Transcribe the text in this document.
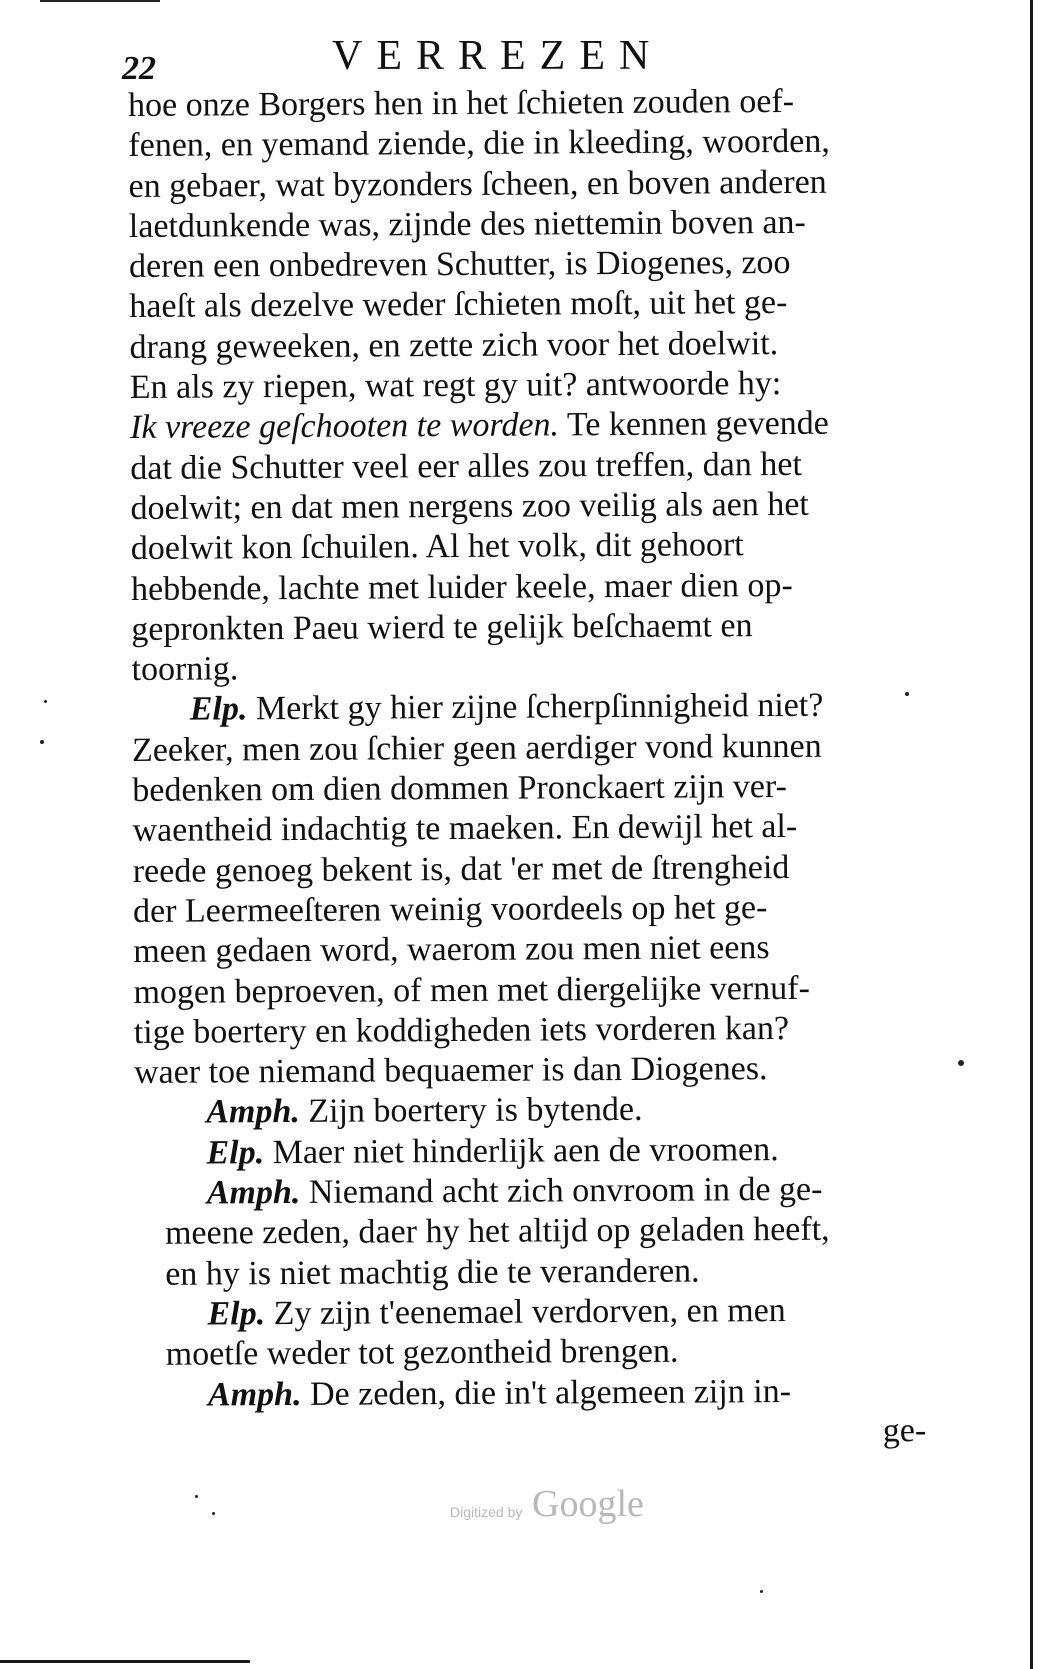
22	VERREZEN
hoe onze Borgers hen in het ſchieten zouden oef-
fenen, en yemand ziende, die in kleeding, woorden,
en gebaer, wat byzonders ſcheen, en boven anderen
laetdunkende was, zijnde des niettemin boven an-
deren een onbedreven Schutter, is Diogenes, zoo
haeſt als dezelve weder ſchieten moſt, uit het ge-
drang geweeken, en zette zich voor het doelwit.
En als zy riepen, wat regt gy uit? antwoorde hy:
Ik vreeze geſchooten te worden. Te kennen gevende
dat die Schutter veel eer alles zou treffen, dan het
doelwit; en dat men nergens zoo veilig als aen het
doelwit kon ſchuilen. Al het volk, dit gehoort
hebbende, lachte met luider keele, maer dien op-
gepronkten Paeu wierd te gelijk beſchaemt en
toornig.
Elp. Merkt gy hier zijne ſcherpſinnigheid niet?
Zeeker, men zou ſchier geen aerdiger vond kunnen
bedenken om dien dommen Pronckaert zijn ver-
waentheid indachtig te maeken. En dewijl het al-
reede genoeg bekent is, dat 'er met de ſtrengheid
der Leermeeſteren weinig voordeels op het ge-
meen gedaen word, waerom zou men niet eens
mogen beproeven, of men met diergelijke vernuf-
tige boertery en koddigheden iets vorderen kan?
waer toe niemand bequaemer is dan Diogenes.
Amph. Zijn boertery is bytende.
Elp. Maer niet hinderlijk aen de vroomen.
Amph. Niemand acht zich onvroom in de ge-
meene zeden, daer hy het altijd op geladen heeft,
en hy is niet machtig die te veranderen.
Elp. Zy zijn t'eenemael verdorven, en men
moetſe weder tot gezontheid brengen.
Amph. De zeden, die in't algemeen zijn in-
ge-
Digitized by Google
